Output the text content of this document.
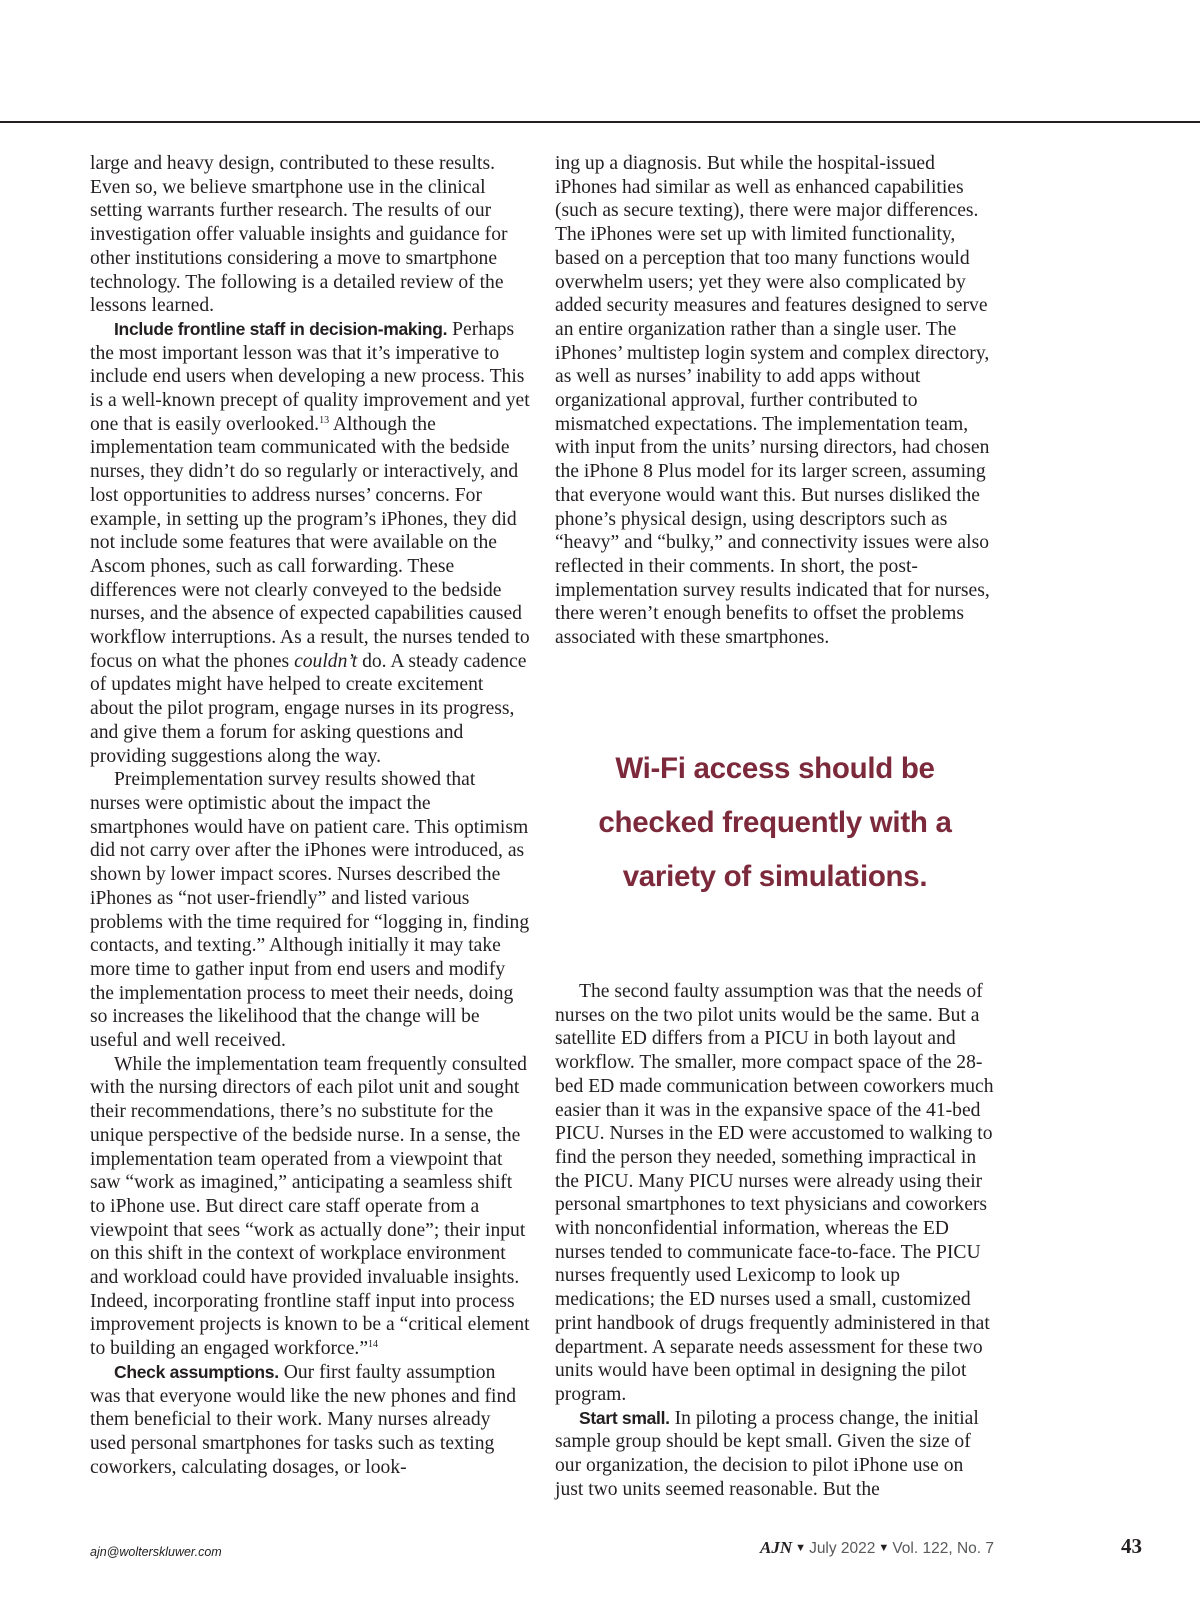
large and heavy design, contributed to these results. Even so, we believe smartphone use in the clinical setting warrants further research. The results of our investigation offer valuable insights and guidance for other institutions considering a move to smartphone technology. The following is a detailed review of the lessons learned.

Include frontline staff in decision-making. Perhaps the most important lesson was that it’s imperative to include end users when developing a new process. This is a well-known precept of quality improvement and yet one that is easily overlooked.$^{13}$ Although the implementation team communicated with the bedside nurses, they didn’t do so regularly or interactively, and lost opportunities to address nurses’ concerns. For example, in setting up the program’s iPhones, they did not include some features that were available on the Ascom phones, such as call forwarding. These differences were not clearly conveyed to the bedside nurses, and the absence of expected capabilities caused workflow interruptions. As a result, the nurses tended to focus on what the phones couldn’t do. A steady cadence of updates might have helped to create excitement about the pilot program, engage nurses in its progress, and give them a forum for asking questions and providing suggestions along the way.

Preimplementation survey results showed that nurses were optimistic about the impact the smartphones would have on patient care. This optimism did not carry over after the iPhones were introduced, as shown by lower impact scores. Nurses described the iPhones as “not user-friendly” and listed various problems with the time required for “logging in, finding contacts, and texting.” Although initially it may take more time to gather input from end users and modify the implementation process to meet their needs, doing so increases the likelihood that the change will be useful and well received.

While the implementation team frequently consulted with the nursing directors of each pilot unit and sought their recommendations, there’s no substitute for the unique perspective of the bedside nurse. In a sense, the implementation team operated from a viewpoint that saw “work as imagined,” anticipating a seamless shift to iPhone use. But direct care staff operate from a viewpoint that sees “work as actually done”; their input on this shift in the context of workplace environment and workload could have provided invaluable insights. Indeed, incorporating frontline staff input into process improvement projects is known to be a “critical element to building an engaged workforce.”$^{14}$

Check assumptions. Our first faulty assumption was that everyone would like the new phones and find them beneficial to their work. Many nurses already used personal smartphones for tasks such as texting coworkers, calculating dosages, or look-

ing up a diagnosis. But while the hospital-issued iPhones had similar as well as enhanced capabilities (such as secure texting), there were major differences. The iPhones were set up with limited functionality, based on a perception that too many functions would overwhelm users; yet they were also complicated by added security measures and features designed to serve an entire organization rather than a single user. The iPhones’ multistep login system and complex directory, as well as nurses’ inability to add apps without organizational approval, further contributed to mismatched expectations. The implementation team, with input from the units’ nursing directors, had chosen the iPhone 8 Plus model for its larger screen, assuming that everyone would want this. But nurses disliked the phone’s physical design, using descriptors such as “heavy” and “bulky,” and connectivity issues were also reflected in their comments. In short, the post-implementation survey results indicated that for nurses, there weren’t enough benefits to offset the problems associated with these smartphones.

Wi-Fi access should be checked frequently with a variety of simulations.

The second faulty assumption was that the needs of nurses on the two pilot units would be the same. But a satellite ED differs from a PICU in both layout and workflow. The smaller, more compact space of the 28-bed ED made communication between coworkers much easier than it was in the expansive space of the 41-bed PICU. Nurses in the ED were accustomed to walking to find the person they needed, something impractical in the PICU. Many PICU nurses were already using their personal smartphones to text physicians and coworkers with nonconfidential information, whereas the ED nurses tended to communicate face-to-face. The PICU nurses frequently used Lexicomp to look up medications; the ED nurses used a small, customized print handbook of drugs frequently administered in that department. A separate needs assessment for these two units would have been optimal in designing the pilot program.

Start small. In piloting a process change, the initial sample group should be kept small. Given the size of our organization, the decision to pilot iPhone use on just two units seemed reasonable. But the

ajn@wolterskluwer.com	AJN ▼ July 2022 ▼ Vol. 122, No. 7	43
